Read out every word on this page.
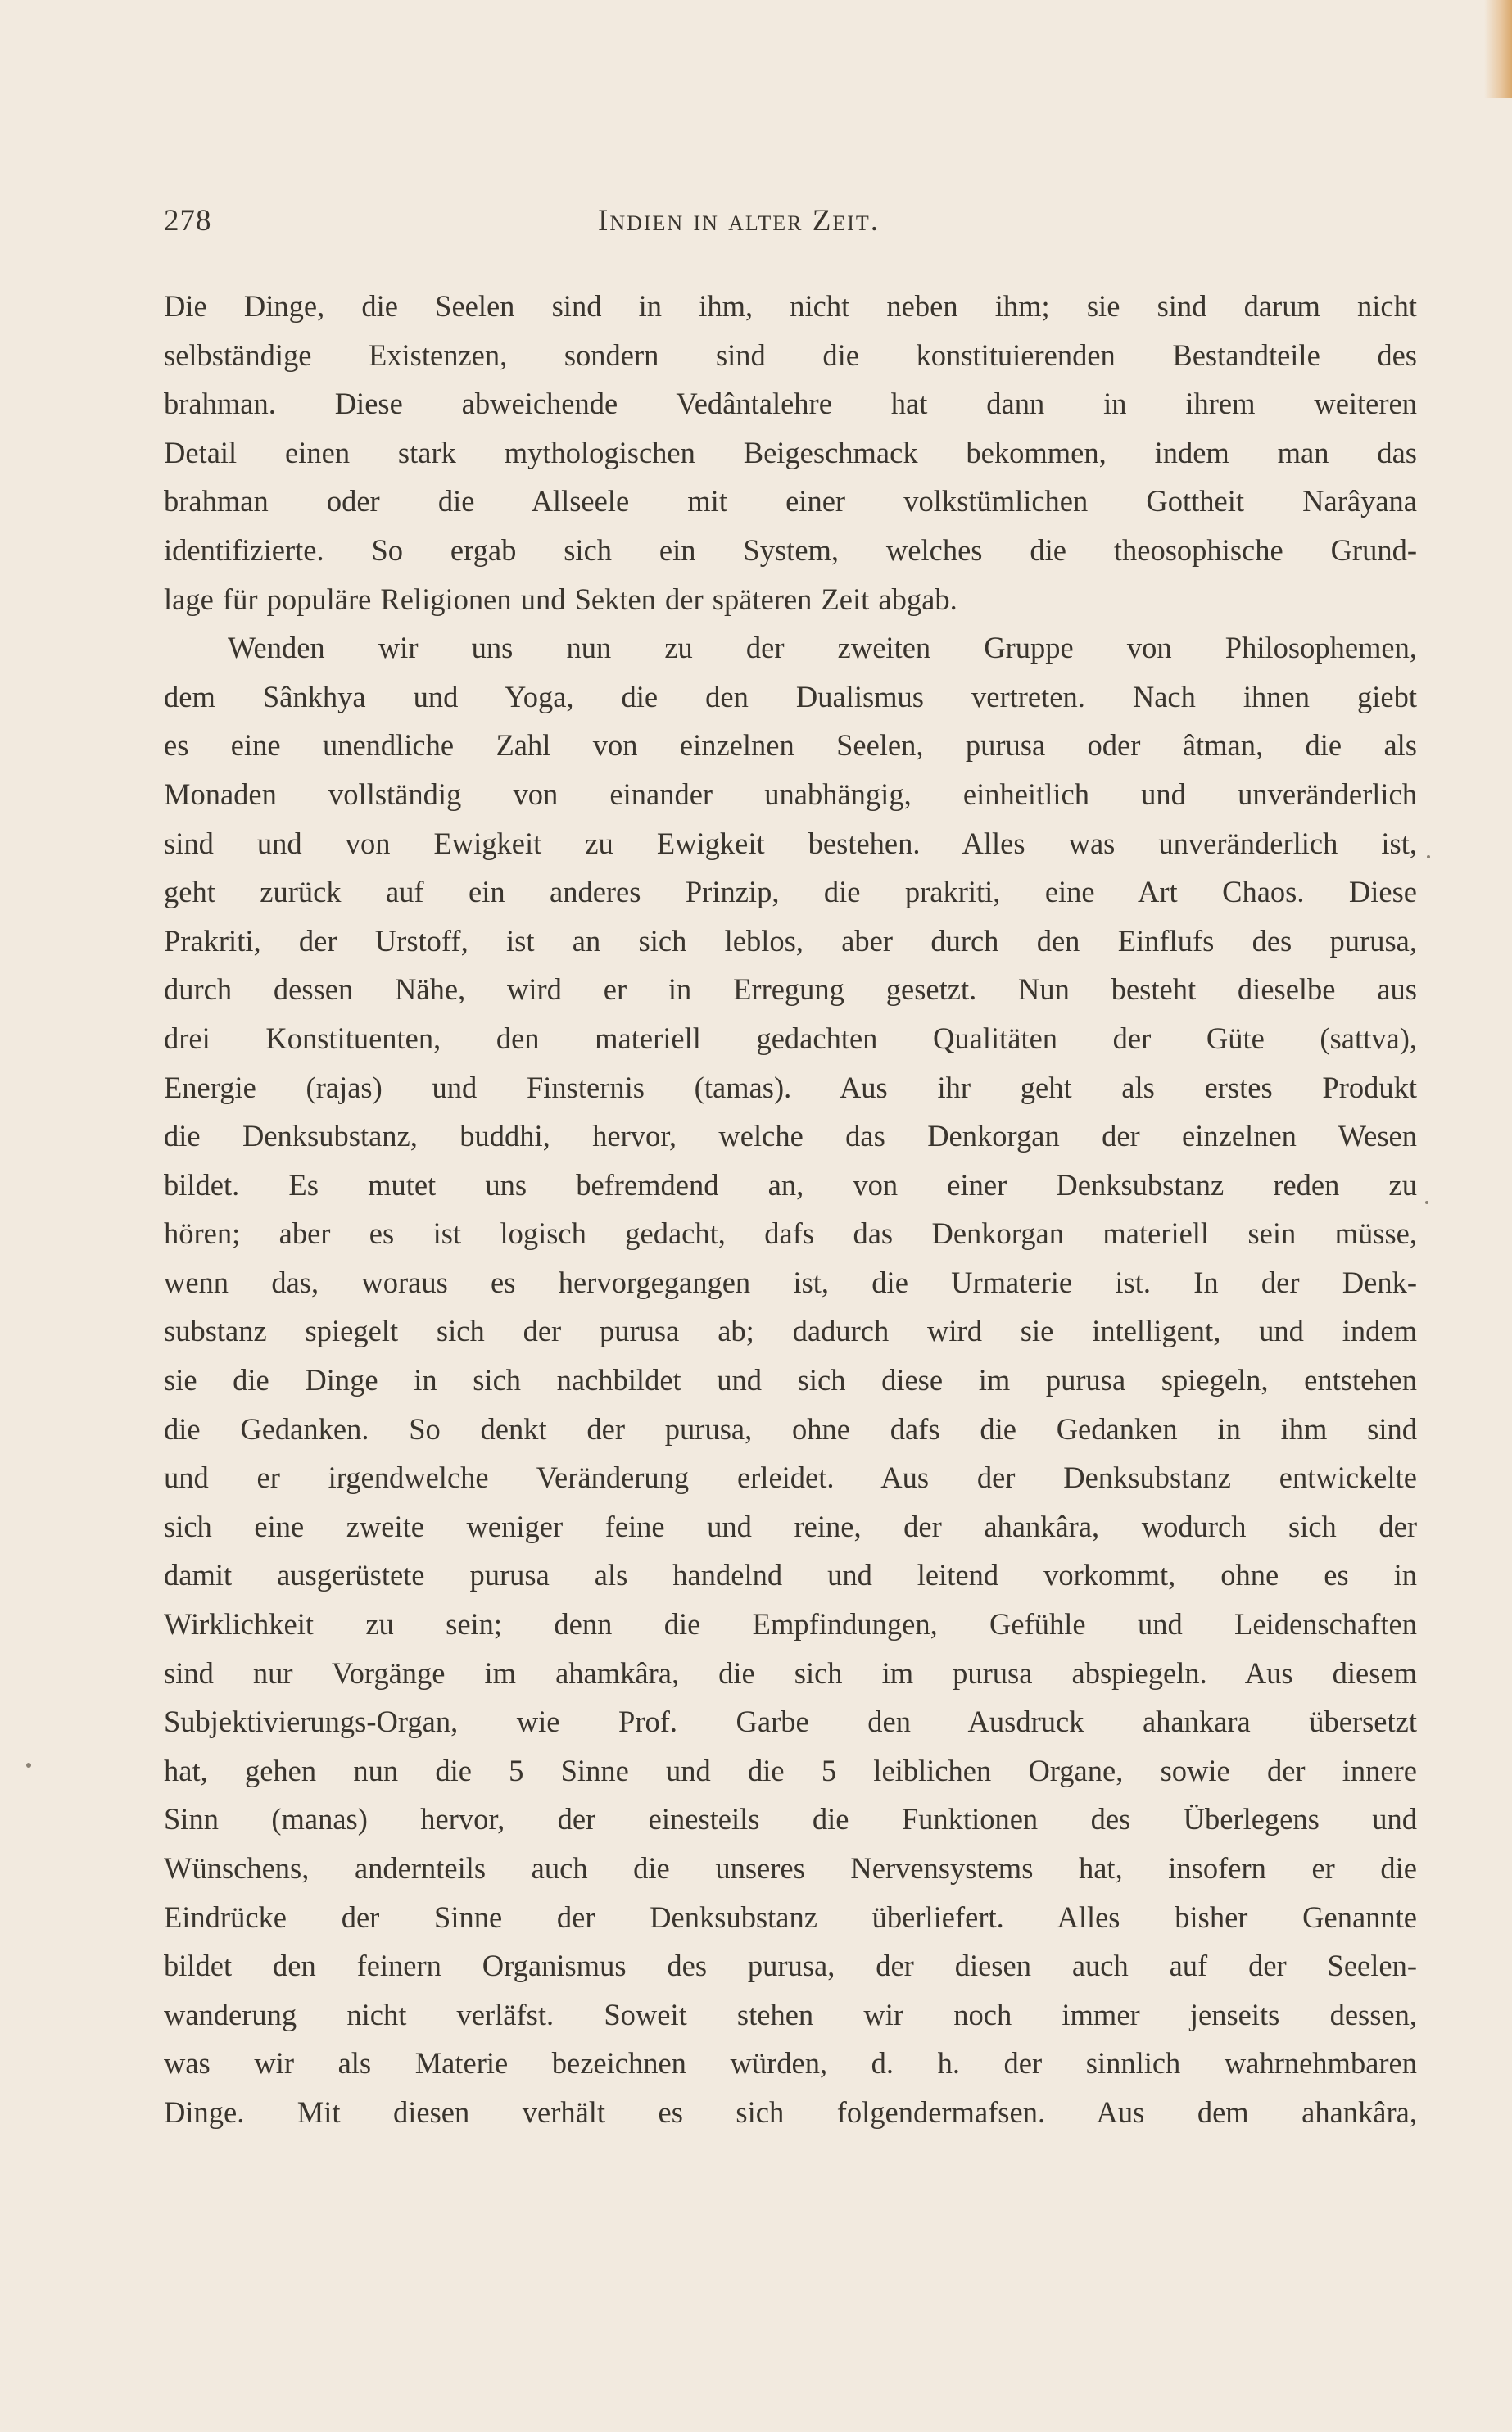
278	Indien in alter Zeit.
Die Dinge, die Seelen sind in ihm, nicht neben ihm; sie sind darum nicht
selbständige Existenzen, sondern sind die konstituierenden Bestandteile des
brahman. Diese abweichende Vedântalehre hat dann in ihrem weiteren
Detail einen stark mythologischen Beigeschmack bekommen, indem man das
brahman oder die Allseele mit einer volkstümlichen Gottheit Narâyana
identifizierte. So ergab sich ein System, welches die theosophische Grund-
lage für populäre Religionen und Sekten der späteren Zeit abgab.
Wenden wir uns nun zu der zweiten Gruppe von Philosophemen,
dem Sânkhya und Yoga, die den Dualismus vertreten. Nach ihnen giebt
es eine unendliche Zahl von einzelnen Seelen, purusa oder âtman, die als
Monaden vollständig von einander unabhängig, einheitlich und unveränderlich
sind und von Ewigkeit zu Ewigkeit bestehen. Alles was unveränderlich ist,
geht zurück auf ein anderes Prinzip, die prakriti, eine Art Chaos. Diese
Prakriti, der Urstoff, ist an sich leblos, aber durch den Einflufs des purusa,
durch dessen Nähe, wird er in Erregung gesetzt. Nun besteht dieselbe aus
drei Konstituenten, den materiell gedachten Qualitäten der Güte (sattva),
Energie (rajas) und Finsternis (tamas). Aus ihr geht als erstes Produkt
die Denksubstanz, buddhi, hervor, welche das Denkorgan der einzelnen Wesen
bildet. Es mutet uns befremdend an, von einer Denksubstanz reden zu
hören; aber es ist logisch gedacht, dafs das Denkorgan materiell sein müsse,
wenn das, woraus es hervorgegangen ist, die Urmaterie ist. In der Denk-
substanz spiegelt sich der purusa ab; dadurch wird sie intelligent, und indem
sie die Dinge in sich nachbildet und sich diese im purusa spiegeln, entstehen
die Gedanken. So denkt der purusa, ohne dafs die Gedanken in ihm sind
und er irgendwelche Veränderung erleidet. Aus der Denksubstanz entwickelte
sich eine zweite weniger feine und reine, der ahankâra, wodurch sich der
damit ausgerüstete purusa als handelnd und leitend vorkommt, ohne es in
Wirklichkeit zu sein; denn die Empfindungen, Gefühle und Leidenschaften
sind nur Vorgänge im ahamkâra, die sich im purusa abspiegeln. Aus diesem
Subjektivierungs-Organ, wie Prof. Garbe den Ausdruck ahankara übersetzt
hat, gehen nun die 5 Sinne und die 5 leiblichen Organe, sowie der innere
Sinn (manas) hervor, der einesteils die Funktionen des Überlegens und
Wünschens, andernteils auch die unseres Nervensystems hat, insofern er die
Eindrücke der Sinne der Denksubstanz überliefert. Alles bisher Genannte
bildet den feinern Organismus des purusa, der diesen auch auf der Seelen-
wanderung nicht verläfst. Soweit stehen wir noch immer jenseits dessen,
was wir als Materie bezeichnen würden, d. h. der sinnlich wahrnehmbaren
Dinge. Mit diesen verhält es sich folgendermafsen. Aus dem ahankâra,
